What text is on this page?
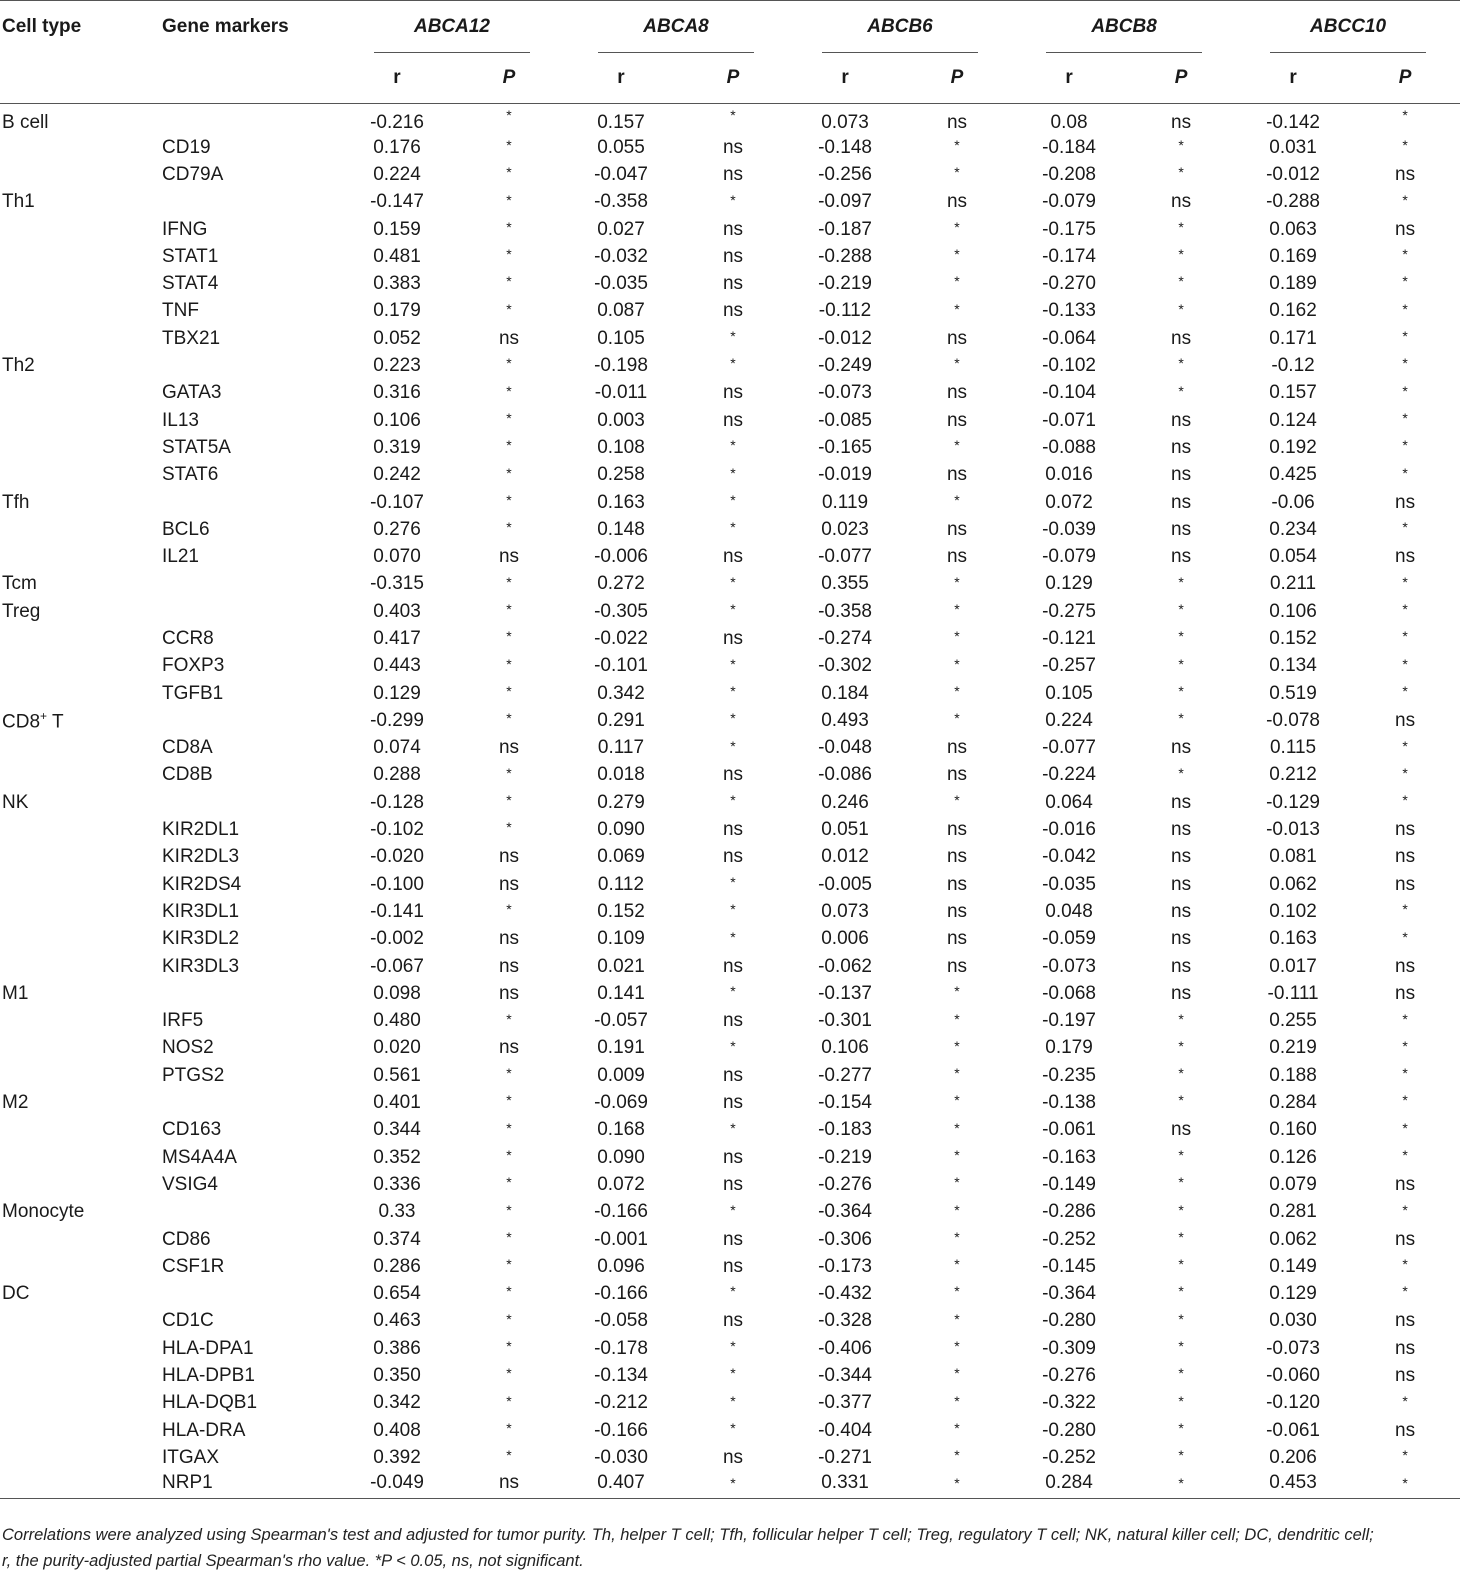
Cell type	Gene markers	ABCA12		ABCA8		ABCB6		ABCB8		ABCC10	

		r	P	r	P	r	P	r	P	r	P
B cell		-0.216	*	0.157	*	0.073	ns	0.08	ns	-0.142	*
	CD19	0.176	*	0.055	ns	-0.148	*	-0.184	*	0.031	*
	CD79A	0.224	*	-0.047	ns	-0.256	*	-0.208	*	-0.012	ns
Th1		-0.147	*	-0.358	*	-0.097	ns	-0.079	ns	-0.288	*
	IFNG	0.159	*	0.027	ns	-0.187	*	-0.175	*	0.063	ns
	STAT1	0.481	*	-0.032	ns	-0.288	*	-0.174	*	0.169	*
	STAT4	0.383	*	-0.035	ns	-0.219	*	-0.270	*	0.189	*
	TNF	0.179	*	0.087	ns	-0.112	*	-0.133	*	0.162	*
	TBX21	0.052	ns	0.105	*	-0.012	ns	-0.064	ns	0.171	*
Th2		0.223	*	-0.198	*	-0.249	*	-0.102	*	-0.12	*
	GATA3	0.316	*	-0.011	ns	-0.073	ns	-0.104	*	0.157	*
	IL13	0.106	*	0.003	ns	-0.085	ns	-0.071	ns	0.124	*
	STAT5A	0.319	*	0.108	*	-0.165	*	-0.088	ns	0.192	*
	STAT6	0.242	*	0.258	*	-0.019	ns	0.016	ns	0.425	*
Tfh		-0.107	*	0.163	*	0.119	*	0.072	ns	-0.06	ns
	BCL6	0.276	*	0.148	*	0.023	ns	-0.039	ns	0.234	*
	IL21	0.070	ns	-0.006	ns	-0.077	ns	-0.079	ns	0.054	ns
Tcm		-0.315	*	0.272	*	0.355	*	0.129	*	0.211	*
Treg		0.403	*	-0.305	*	-0.358	*	-0.275	*	0.106	*
	CCR8	0.417	*	-0.022	ns	-0.274	*	-0.121	*	0.152	*
	FOXP3	0.443	*	-0.101	*	-0.302	*	-0.257	*	0.134	*
	TGFB1	0.129	*	0.342	*	0.184	*	0.105	*	0.519	*
CD8+ T		-0.299	*	0.291	*	0.493	*	0.224	*	-0.078	ns
	CD8A	0.074	ns	0.117	*	-0.048	ns	-0.077	ns	0.115	*
	CD8B	0.288	*	0.018	ns	-0.086	ns	-0.224	*	0.212	*
NK		-0.128	*	0.279	*	0.246	*	0.064	ns	-0.129	*
	KIR2DL1	-0.102	*	0.090	ns	0.051	ns	-0.016	ns	-0.013	ns
	KIR2DL3	-0.020	ns	0.069	ns	0.012	ns	-0.042	ns	0.081	ns
	KIR2DS4	-0.100	ns	0.112	*	-0.005	ns	-0.035	ns	0.062	ns
	KIR3DL1	-0.141	*	0.152	*	0.073	ns	0.048	ns	0.102	*
	KIR3DL2	-0.002	ns	0.109	*	0.006	ns	-0.059	ns	0.163	*
	KIR3DL3	-0.067	ns	0.021	ns	-0.062	ns	-0.073	ns	0.017	ns
M1		0.098	ns	0.141	*	-0.137	*	-0.068	ns	-0.111	ns
	IRF5	0.480	*	-0.057	ns	-0.301	*	-0.197	*	0.255	*
	NOS2	0.020	ns	0.191	*	0.106	*	0.179	*	0.219	*
	PTGS2	0.561	*	0.009	ns	-0.277	*	-0.235	*	0.188	*
M2		0.401	*	-0.069	ns	-0.154	*	-0.138	*	0.284	*
	CD163	0.344	*	0.168	*	-0.183	*	-0.061	ns	0.160	*
	MS4A4A	0.352	*	0.090	ns	-0.219	*	-0.163	*	0.126	*
	VSIG4	0.336	*	0.072	ns	-0.276	*	-0.149	*	0.079	ns
Monocyte		0.33	*	-0.166	*	-0.364	*	-0.286	*	0.281	*
	CD86	0.374	*	-0.001	ns	-0.306	*	-0.252	*	0.062	ns
	CSF1R	0.286	*	0.096	ns	-0.173	*	-0.145	*	0.149	*
DC		0.654	*	-0.166	*	-0.432	*	-0.364	*	0.129	*
	CD1C	0.463	*	-0.058	ns	-0.328	*	-0.280	*	0.030	ns
	HLA-DPA1	0.386	*	-0.178	*	-0.406	*	-0.309	*	-0.073	ns
	HLA-DPB1	0.350	*	-0.134	*	-0.344	*	-0.276	*	-0.060	ns
	HLA-DQB1	0.342	*	-0.212	*	-0.377	*	-0.322	*	-0.120	*
	HLA-DRA	0.408	*	-0.166	*	-0.404	*	-0.280	*	-0.061	ns
	ITGAX	0.392	*	-0.030	ns	-0.271	*	-0.252	*	0.206	*
	NRP1	-0.049	ns	0.407	*	0.331	*	0.284	*	0.453	*
Correlations were analyzed using Spearman's test and adjusted for tumor purity. Th, helper T cell; Tfh, follicular helper T cell; Treg, regulatory T cell; NK, natural killer cell; DC, dendritic cell;
r, the purity-adjusted partial Spearman's rho value. *P < 0.05, ns, not significant.
